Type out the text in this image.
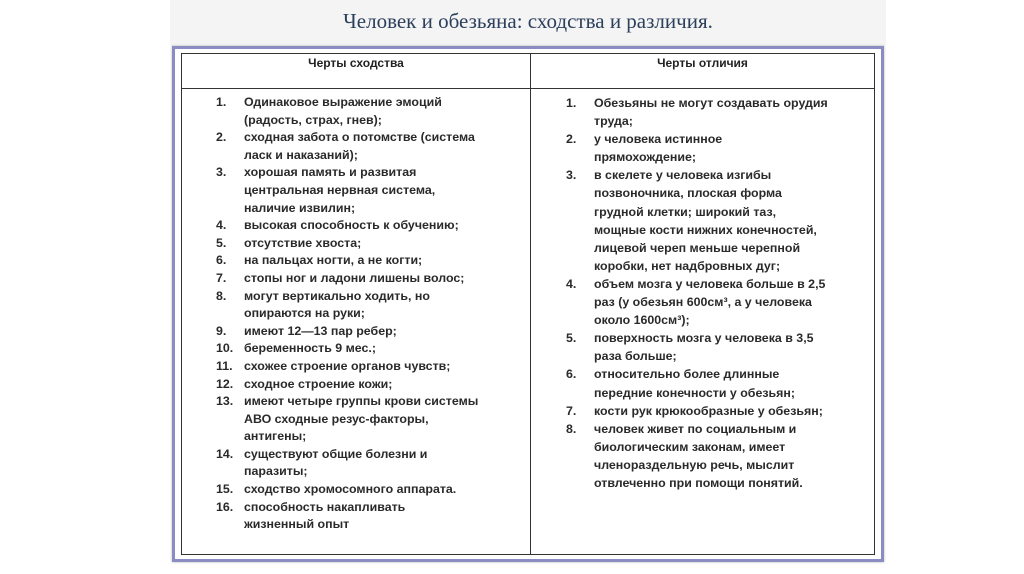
Человек и обезьяна: сходства и различия.
Черты сходства	Черты отличия
1. Одинаковое выражение эмоций
(радость, страх, гнев);
2. сходная забота о потомстве (система
ласк и наказаний);
3. хорошая память и развитая
центральная нервная система,
наличие извилин;
4. высокая способность к обучению;
5. отсутствие хвоста;
6. на пальцах ногти, а не когти;
7. стопы ног и ладони лишены волос;
8. могут вертикально ходить, но
опираются на руки;
9. имеют 12—13 пар ребер;
10. беременность 9 мес.;
11. схожее строение органов чувств;
12. сходное строение кожи;
13. имеют четыре группы крови системы
АВО сходные резус-факторы,
антигены;
14. существуют общие болезни и
паразиты;
15. сходство хромосомного аппарата.
16. способность накапливать
жизненный опыт
1. Обезьяны не могут создавать орудия
труда;
2. у человека истинное
прямохождение;
3. в скелете у человека изгибы
позвоночника, плоская форма
грудной клетки; широкий таз,
мощные кости нижних конечностей,
лицевой череп меньше черепной
коробки, нет надбровных дуг;
4. объем мозга у человека больше в 2,5
раз (у обезьян 600см³, а у человека
около 1600см³);
5. поверхность мозга у человека в 3,5
раза больше;
6. относительно более длинные
передние конечности у обезьян;
7. кости рук крюкообразные у обезьян;
8. человек живет по социальным и
биологическим законам, имеет
членораздельную речь, мыслит
отвлеченно при помощи понятий.
